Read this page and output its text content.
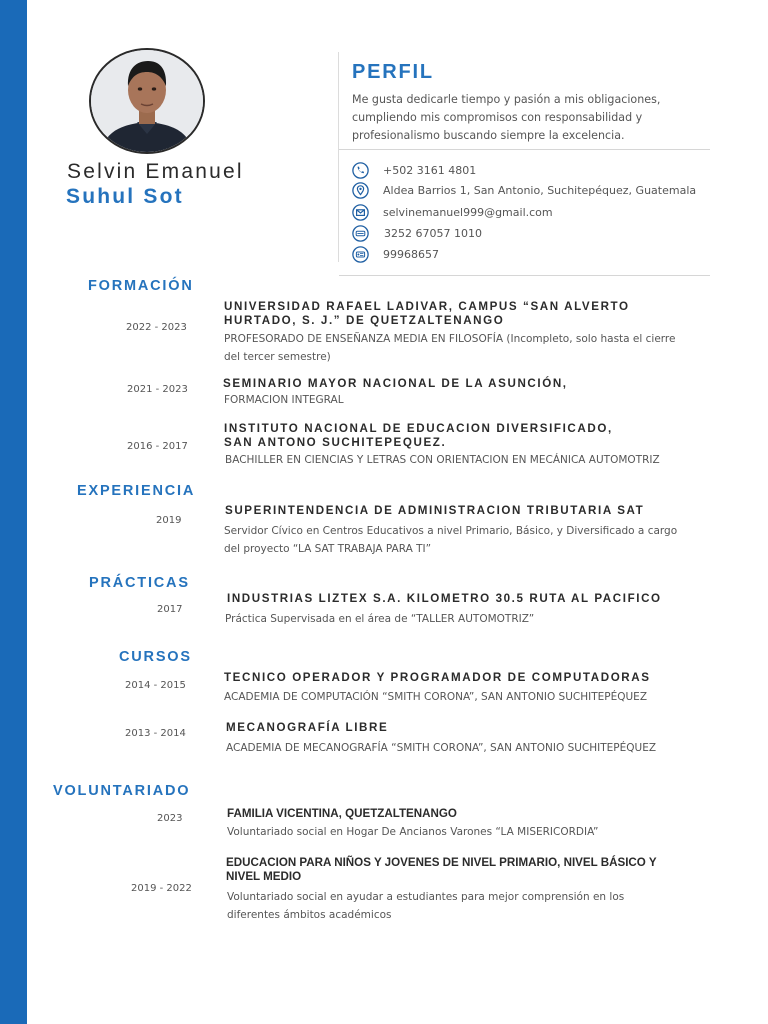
Selvin Emanuel
Suhul Sot
PERFIL
Me gusta dedicarle tiempo y pasión a mis obligaciones, cumpliendo mis compromisos con responsabilidad y profesionalismo buscando siempre la excelencia.
+502 3161 4801
Aldea Barrios 1, San Antonio, Suchitepéquez, Guatemala
selvinemanuel999@gmail.com
3252 67057 1010
99968657
FORMACIÓN
2022 - 2023
UNIVERSIDAD RAFAEL LADIVAR, CAMPUS “SAN ALVERTO
HURTADO, S. J.” DE QUETZALTENANGO
PROFESORADO DE ENSEÑANZA MEDIA EN FILOSOFÍA (Incompleto, solo hasta el cierre del tercer semestre)
2021 - 2023	SEMINARIO MAYOR NACIONAL DE LA ASUNCIÓN,
FORMACION INTEGRAL
2016 - 2017
INSTITUTO NACIONAL DE EDUCACION DIVERSIFICADO,
SAN ANTONO SUCHITEPEQUEZ.
BACHILLER EN CIENCIAS Y LETRAS CON ORIENTACION EN MECÁNICA AUTOMOTRIZ
EXPERIENCIA
2019
SUPERINTENDENCIA DE ADMINISTRACION TRIBUTARIA SAT
Servidor Cívico en Centros Educativos a nivel Primario, Básico, y Diversificado a cargo del proyecto “LA SAT TRABAJA PARA TI”
PRÁCTICAS
2017
INDUSTRIAS LIZTEX S.A. KILOMETRO 30.5 RUTA AL PACIFICO
Práctica Supervisada en el área de “TALLER AUTOMOTRIZ”
CURSOS
2014 - 2015
TECNICO OPERADOR Y PROGRAMADOR DE COMPUTADORAS
ACADEMIA DE COMPUTACIÓN “SMITH CORONA”, SAN ANTONIO SUCHITEPÉQUEZ
2013 - 2014	MECANOGRAFÍA LIBRE
ACADEMIA DE MECANOGRAFÍA “SMITH CORONA”, SAN ANTONIO SUCHITEPÉQUEZ
VOLUNTARIADO
2023	FAMILIA VICENTINA, QUETZALTENANGO
Voluntariado social en Hogar De Ancianos Varones “LA MISERICORDIA”
2019 - 2022
EDUCACION PARA NIÑOS Y JOVENES DE NIVEL PRIMARIO, NIVEL BÁSICO Y
NIVEL MEDIO
Voluntariado social en ayudar a estudiantes para mejor comprensión en los diferentes ámbitos académicos
